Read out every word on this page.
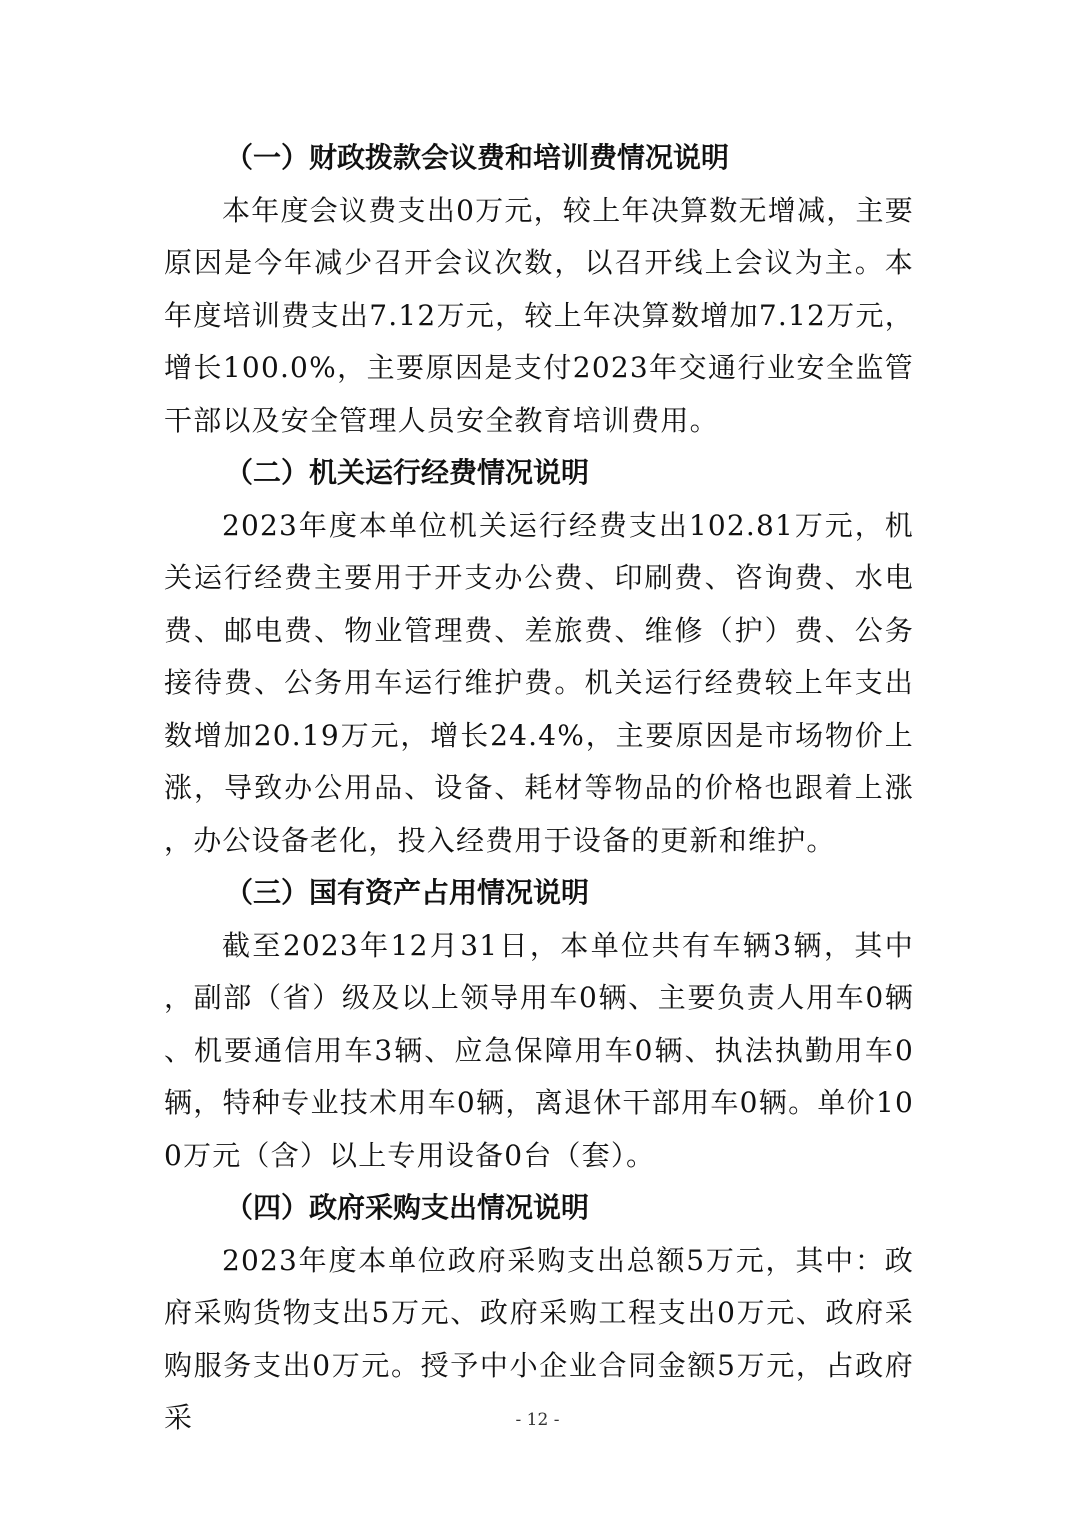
（一）财政拨款会议费和培训费情况说明

本年度会议费支出0万元，较上年决算数无增减，主要原因是今年减少召开会议次数，以召开线上会议为主。本年度培训费支出7.12万元，较上年决算数增加7.12万元，增长100.0%，主要原因是支付2023年交通行业安全监管干部以及安全管理人员安全教育培训费用。

（二）机关运行经费情况说明

2023年度本单位机关运行经费支出102.81万元，机关运行经费主要用于开支办公费、印刷费、咨询费、水电费、邮电费、物业管理费、差旅费、维修（护）费、公务接待费、公务用车运行维护费。机关运行经费较上年支出数增加20.19万元，增长24.4%，主要原因是市场物价上涨，导致办公用品、设备、耗材等物品的价格也跟着上涨，办公设备老化，投入经费用于设备的更新和维护。

（三）国有资产占用情况说明

截至2023年12月31日，本单位共有车辆3辆，其中，副部（省）级及以上领导用车0辆、主要负责人用车0辆、机要通信用车3辆、应急保障用车0辆、执法执勤用车0辆，特种专业技术用车0辆，离退休干部用车0辆。单价100万元（含）以上专用设备0台（套）。

（四）政府采购支出情况说明

2023年度本单位政府采购支出总额5万元，其中：政府采购货物支出5万元、政府采购工程支出0万元、政府采购服务支出0万元。授予中小企业合同金额5万元，占政府采	- 12 -
